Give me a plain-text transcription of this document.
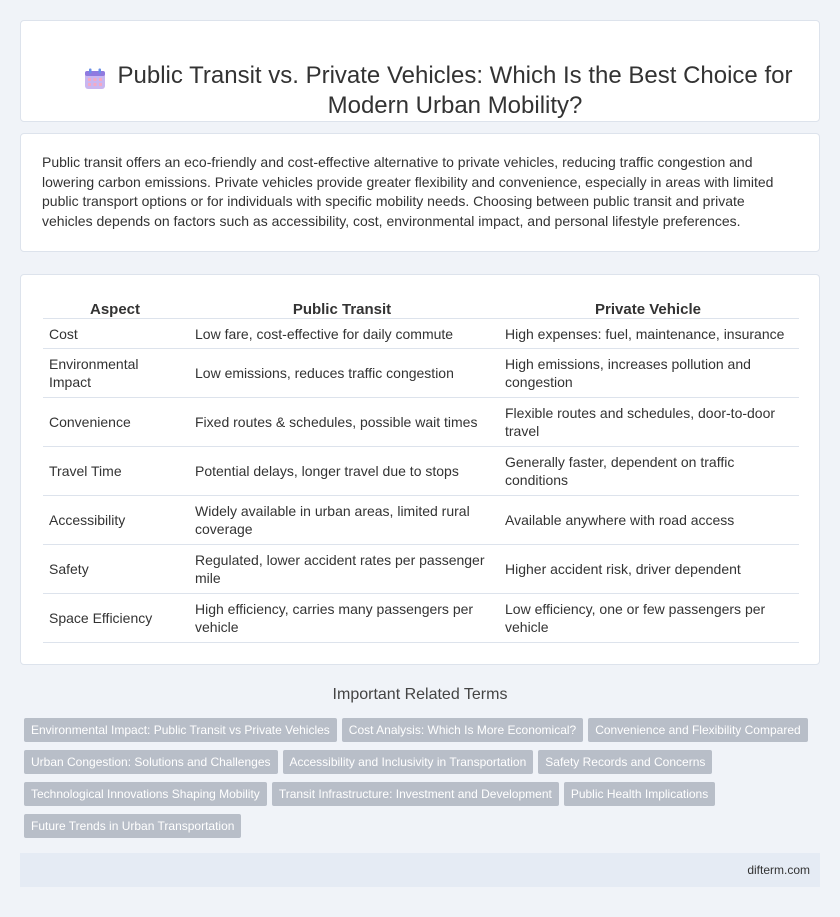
Public Transit vs. Private Vehicles: Which Is the Best Choice for
Modern Urban Mobility?

Public transit offers an eco-friendly and cost-effective alternative to private vehicles, reducing traffic congestion and lowering carbon emissions. Private vehicles provide greater flexibility and convenience, especially in areas with limited public transport options or for individuals with specific mobility needs. Choosing between public transit and private vehicles depends on factors such as accessibility, cost, environmental impact, and personal lifestyle preferences.

Aspect	Public Transit	Private Vehicle
Cost	Low fare, cost-effective for daily commute	High expenses: fuel, maintenance, insurance
Environmental Impact	Low emissions, reduces traffic congestion	High emissions, increases pollution and congestion
Convenience	Fixed routes & schedules, possible wait times	Flexible routes and schedules, door-to-door travel
Travel Time	Potential delays, longer travel due to stops	Generally faster, dependent on traffic conditions
Accessibility	Widely available in urban areas, limited rural coverage	Available anywhere with road access
Safety	Regulated, lower accident rates per passenger mile	Higher accident risk, driver dependent
Space Efficiency	High efficiency, carries many passengers per vehicle	Low efficiency, one or few passengers per vehicle
Important Related Terms
Environmental Impact: Public Transit vs Private Vehicles Cost Analysis: Which Is More Economical? Convenience and Flexibility Compared
Urban Congestion: Solutions and Challenges Accessibility and Inclusivity in Transportation Safety Records and Concerns
Technological Innovations Shaping Mobility Transit Infrastructure: Investment and Development Public Health Implications
Future Trends in Urban Transportation
difterm.com
